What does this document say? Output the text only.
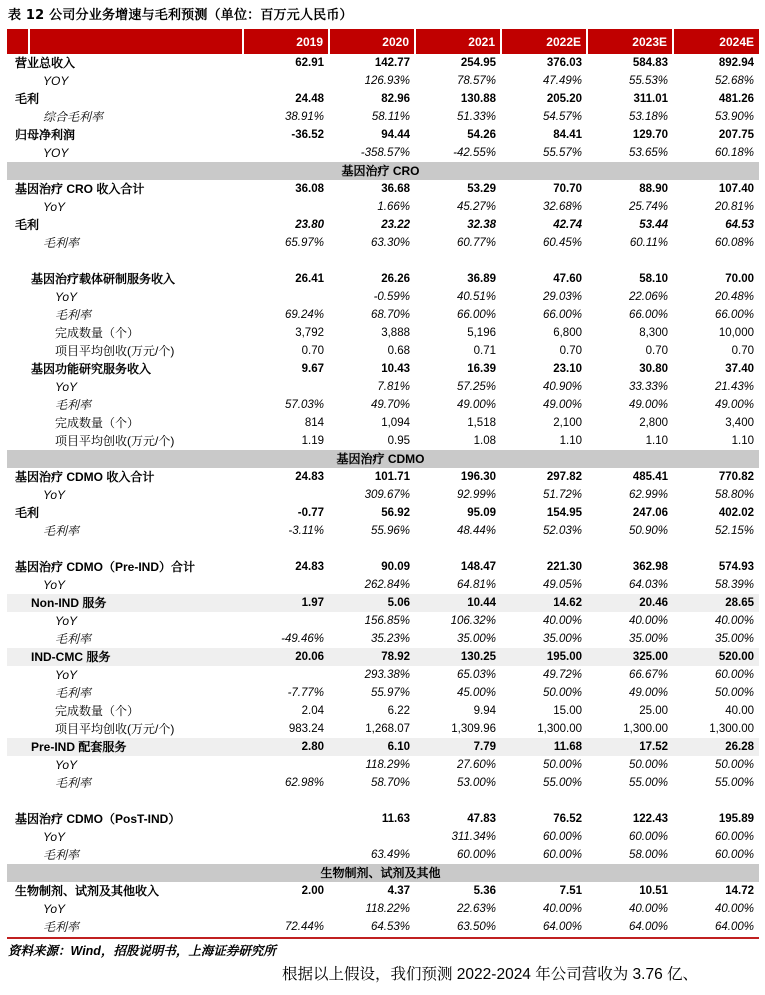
表 12 公司分业务增速与毛利预测（单位：百万元人民币）
		2019	2020	2021	2022E	2023E	2024E
营业总收入		62.91	142.77	254.95	376.03	584.83	892.94
YOY			126.93%	78.57%	47.49%	55.53%	52.68%
毛利		24.48	82.96	130.88	205.20	311.01	481.26
综合毛利率		38.91%	58.11%	51.33%	54.57%	53.18%	53.90%
归母净利润		-36.52	94.44	54.26	84.41	129.70	207.75
YOY			-358.57%	-42.55%	55.57%	53.65%	60.18%
基因治疗 CRO							
基因治疗 CRO 收入合计		36.08	36.68	53.29	70.70	88.90	107.40
YoY			1.66%	45.27%	32.68%	25.74%	20.81%
毛利		23.80	23.22	32.38	42.74	53.44	64.53
毛利率		65.97%	63.30%	60.77%	60.45%	60.11%	60.08%

基因治疗载体研制服务收入		26.41	26.26	36.89	47.60	58.10	70.00
YoY			-0.59%	40.51%	29.03%	22.06%	20.48%
毛利率		69.24%	68.70%	66.00%	66.00%	66.00%	66.00%
完成数量（个）		3,792	3,888	5,196	6,800	8,300	10,000
项目平均创收(万元/个)		0.70	0.68	0.71	0.70	0.70	0.70
基因功能研究服务收入		9.67	10.43	16.39	23.10	30.80	37.40
YoY			7.81%	57.25%	40.90%	33.33%	21.43%
毛利率		57.03%	49.70%	49.00%	49.00%	49.00%	49.00%
完成数量（个）		814	1,094	1,518	2,100	2,800	3,400
项目平均创收(万元/个)		1.19	0.95	1.08	1.10	1.10	1.10
基因治疗 CDMO							
基因治疗 CDMO 收入合计		24.83	101.71	196.30	297.82	485.41	770.82
YoY			309.67%	92.99%	51.72%	62.99%	58.80%
毛利		-0.77	56.92	95.09	154.95	247.06	402.02
毛利率		-3.11%	55.96%	48.44%	52.03%	50.90%	52.15%

基因治疗 CDMO（Pre-IND）合计		24.83	90.09	148.47	221.30	362.98	574.93
YoY			262.84%	64.81%	49.05%	64.03%	58.39%
Non-IND 服务		1.97	5.06	10.44	14.62	20.46	28.65
YoY			156.85%	106.32%	40.00%	40.00%	40.00%
毛利率		-49.46%	35.23%	35.00%	35.00%	35.00%	35.00%
IND-CMC 服务		20.06	78.92	130.25	195.00	325.00	520.00
YoY			293.38%	65.03%	49.72%	66.67%	60.00%
毛利率		-7.77%	55.97%	45.00%	50.00%	49.00%	50.00%
完成数量（个）		2.04	6.22	9.94	15.00	25.00	40.00
项目平均创收(万元/个)		983.24	1,268.07	1,309.96	1,300.00	1,300.00	1,300.00
Pre-IND 配套服务		2.80	6.10	7.79	11.68	17.52	26.28
YoY			118.29%	27.60%	50.00%	50.00%	50.00%
毛利率		62.98%	58.70%	53.00%	55.00%	55.00%	55.00%

基因治疗 CDMO（PosT-IND）			11.63	47.83	76.52	122.43	195.89
YoY				311.34%	60.00%	60.00%	60.00%
毛利率			63.49%	60.00%	60.00%	58.00%	60.00%
生物制剂、试剂及其他							
生物制剂、试剂及其他收入		2.00	4.37	5.36	7.51	10.51	14.72
YoY			118.22%	22.63%	40.00%	40.00%	40.00%
毛利率		72.44%	64.53%	63.50%	64.00%	64.00%	64.00%
资料来源：Wind，招股说明书，上海证券研究所
根据以上假设，我们预测 2022-2024 年公司营收为 3.76 亿、
